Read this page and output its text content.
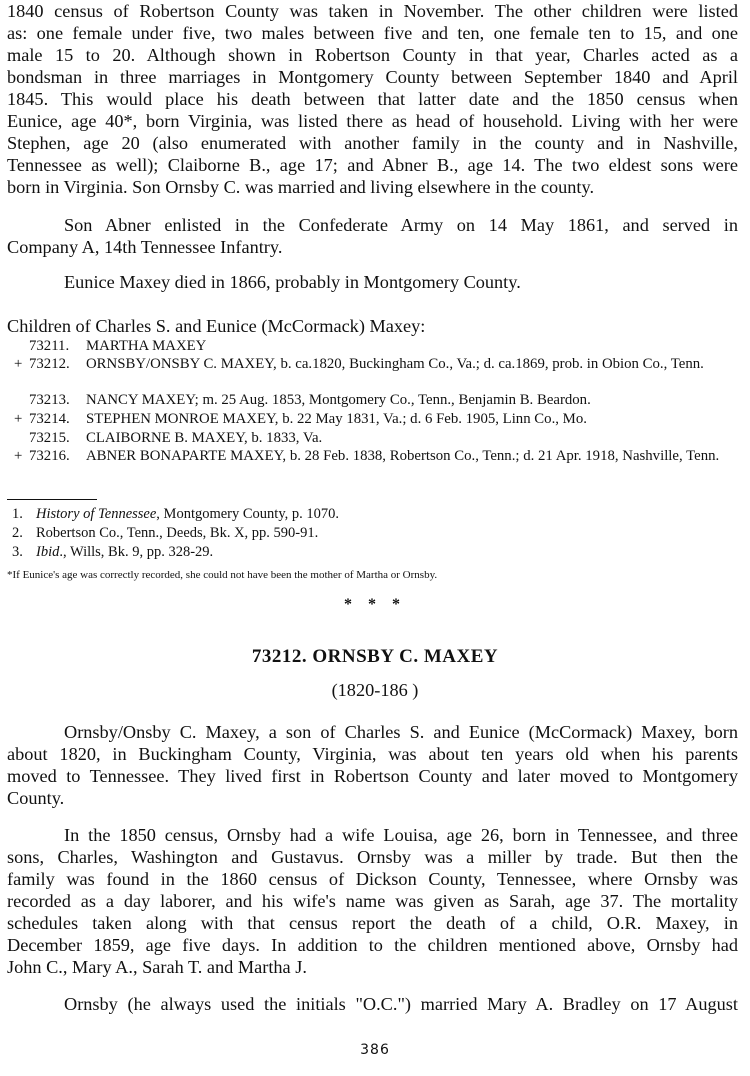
1840 census of Robertson County was taken in November. The other children were listed
as: one female under five, two males between five and ten, one female ten to 15, and one
male 15 to 20. Although shown in Robertson County in that year, Charles acted as a
bondsman in three marriages in Montgomery County between September 1840 and April
1845. This would place his death between that latter date and the 1850 census when
Eunice, age 40*, born Virginia, was listed there as head of household. Living with her were
Stephen, age 20 (also enumerated with another family in the county and in Nashville,
Tennessee as well); Claiborne B., age 17; and Abner B., age 14. The two eldest sons were
born in Virginia. Son Ornsby C. was married and living elsewhere in the county.
Son Abner enlisted in the Confederate Army on 14 May 1861, and served in
Company A, 14th Tennessee Infantry.
Eunice Maxey died in 1866, probably in Montgomery County.
Children of Charles S. and Eunice (McCormack) Maxey:
73211. MARTHA MAXEY
+ 73212. ORNSBY/ONSBY C. MAXEY, b. ca.1820, Buckingham Co., Va.; d. ca.1869, prob. in Obion Co., Tenn.
73213. NANCY MAXEY; m. 25 Aug. 1853, Montgomery Co., Tenn., Benjamin B. Beardon.
+ 73214. STEPHEN MONROE MAXEY, b. 22 May 1831, Va.; d. 6 Feb. 1905, Linn Co., Mo.
73215. CLAIBORNE B. MAXEY, b. 1833, Va.
+ 73216. ABNER BONAPARTE MAXEY, b. 28 Feb. 1838, Robertson Co., Tenn.; d. 21 Apr. 1918, Nashville, Tenn.
1. History of Tennessee, Montgomery County, p. 1070.
2. Robertson Co., Tenn., Deeds, Bk. X, pp. 590-91.
3. Ibid., Wills, Bk. 9, pp. 328-29.
*If Eunice's age was correctly recorded, she could not have been the mother of Martha or Ornsby.
* * *
73212. ORNSBY C. MAXEY
(1820-186 )
Ornsby/Onsby C. Maxey, a son of Charles S. and Eunice (McCormack) Maxey, born
about 1820, in Buckingham County, Virginia, was about ten years old when his parents
moved to Tennessee. They lived first in Robertson County and later moved to Montgomery
County.
In the 1850 census, Ornsby had a wife Louisa, age 26, born in Tennessee, and three
sons, Charles, Washington and Gustavus. Ornsby was a miller by trade. But then the
family was found in the 1860 census of Dickson County, Tennessee, where Ornsby was
recorded as a day laborer, and his wife's name was given as Sarah, age 37. The mortality
schedules taken along with that census report the death of a child, O.R. Maxey, in
December 1859, age five days. In addition to the children mentioned above, Ornsby had
John C., Mary A., Sarah T. and Martha J.
Ornsby (he always used the initials "O.C.") married Mary A. Bradley on 17 August
386
